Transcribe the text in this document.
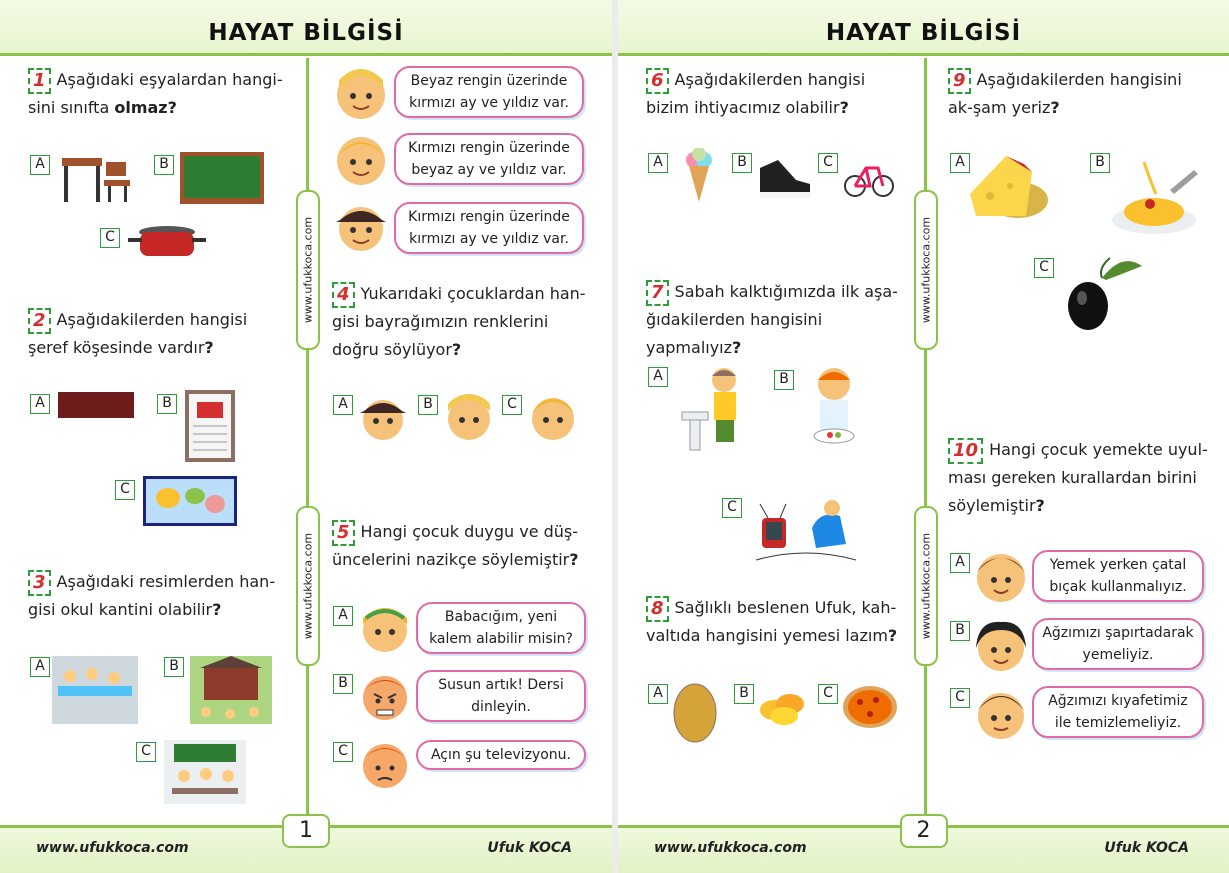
HAYAT BİLGİSİ
www.ufukkoca.com
www.ufukkoca.com
1 Aşağıdaki eşyalardan hangi-sini sınıfta olmaz?
A	B
C
2 Aşağıdakilerden hangisi şeref köşesinde vardır?
A	B
C
3 Aşağıdaki resimlerden han-gisi okul kantini olabilir?
A	B
C
Beyaz rengin üzerinde kırmızı ay ve yıldız var.
Kırmızı rengin üzerinde beyaz ay ve yıldız var.
Kırmızı rengin üzerinde kırmızı ay ve yıldız var.
4 Yukarıdaki çocuklardan han-gisi bayrağımızın renklerini doğru söylüyor?
A	B	C
5 Hangi çocuk duygu ve düş-üncelerini nazikçe söylemiştir?
A	Babacığım, yeni kalem alabilir misin?
B	Susun artık! Dersi dinleyin.
C	Açın şu televizyonu.
www.ufukkoca.com
1
Ufuk KOCA
HAYAT BİLGİSİ
www.ufukkoca.com
www.ufukkoca.com
6 Aşağıdakilerden hangisi bizim ihtiyacımız olabilir?
A	B	C
7 Sabah kalktığımızda ilk aşa-ğıdakilerden hangisini yapmalıyız?
A	B
C
8 Sağlıklı beslenen Ufuk, kah-valtıda hangisini yemesi lazım?
A	B	C
9 Aşağıdakilerden hangisini ak-şam yeriz?
A	B
C
10 Hangi çocuk yemekte uyul-ması gereken kurallardan birini söylemiştir?
A	Yemek yerken çatal bıçak kullanmalıyız.
B	Ağzımızı şapırtadarak yemeliyiz.
C	Ağzımızı kıyafetimiz ile temizlemeliyiz.
www.ufukkoca.com
2
Ufuk KOCA
